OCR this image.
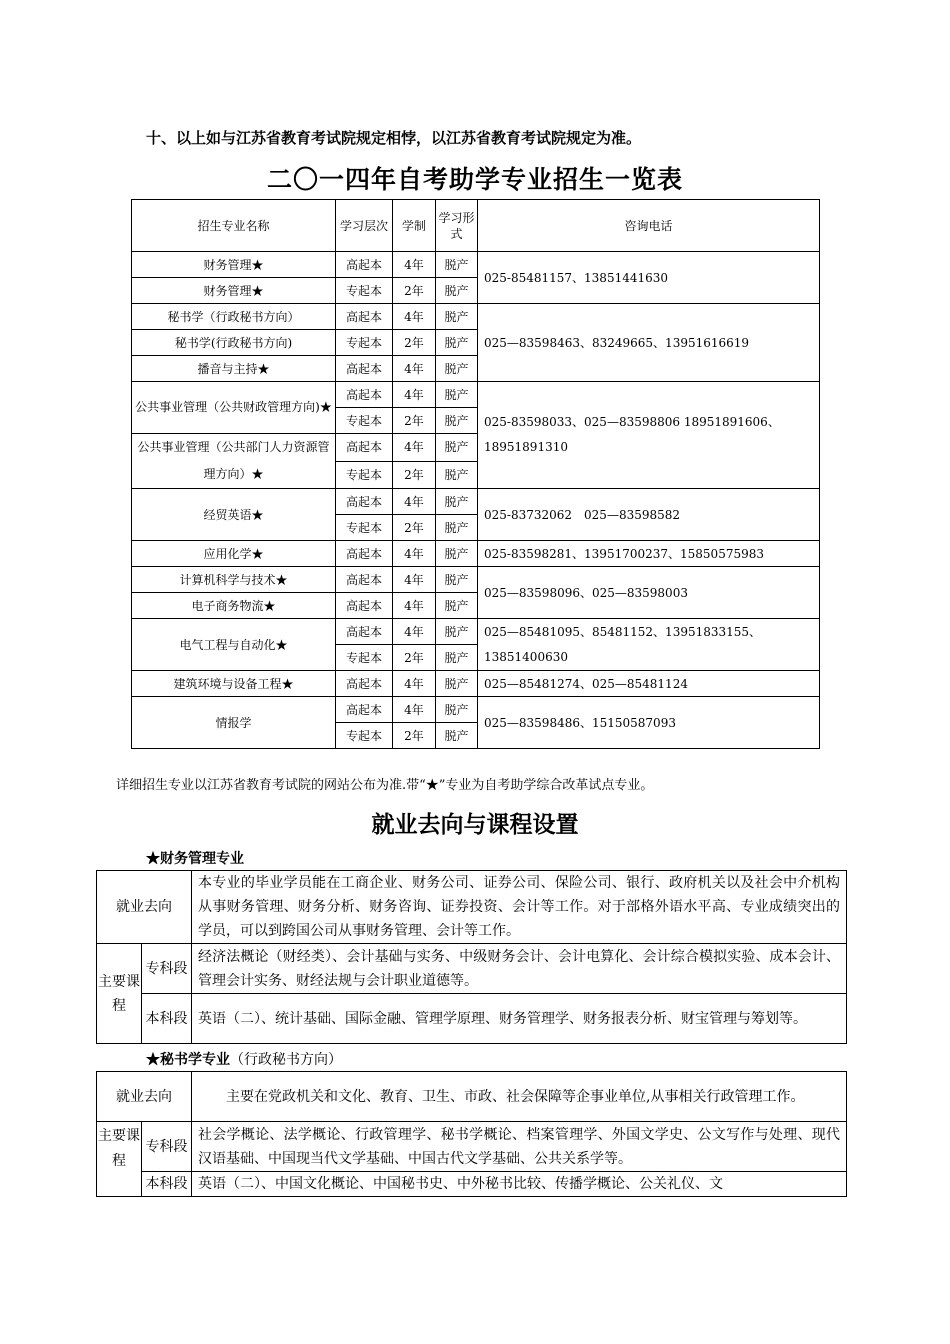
十、以上如与江苏省教育考试院规定相悖，以江苏省教育考试院规定为准。
二〇一四年自考助学专业招生一览表
招生专业名称	学习层次	学制	学习形式	咨询电话
财务管理★	高起本	4年	脱产	025-85481157、13851441630
财务管理★	专起本	2年	脱产	
秘书学（行政秘书方向）	高起本	4年	脱产	025—83598463、83249665、13951616619
秘书学(行政秘书方向)	专起本	2年	脱产	
播音与主持★	高起本	4年	脱产	
公共事业管理（公共财政管理方向)★	高起本	4年	脱产	025-83598033、025—83598806 18951891606、18951891310
	专起本	2年	脱产	
公共事业管理（公共部门人力资源管理方向）★	高起本	4年	脱产	
	专起本	2年	脱产	
经贸英语★	高起本	4年	脱产	025-83732062　025—83598582
	专起本	2年	脱产	
应用化学★	高起本	4年	脱产	025-83598281、13951700237、15850575983
计算机科学与技术★	高起本	4年	脱产	025—83598096、025—83598003
电子商务物流★	高起本	4年	脱产	
电气工程与自动化★	高起本	4年	脱产	025—85481095、85481152、13951833155、13851400630
	专起本	2年	脱产	
建筑环境与设备工程★	高起本	4年	脱产	025—85481274、025—85481124
情报学	高起本	4年	脱产	025—83598486、15150587093
	专起本	2年	脱产	
详细招生专业以江苏省教育考试院的网站公布为准.带“★”专业为自考助学综合改革试点专业。
就业去向与课程设置
★财务管理专业
就业去向		本专业的毕业学员能在工商企业、财务公司、证券公司、保险公司、银行、政府机关以及社会中介机构从事财务管理、财务分析、财务咨询、证券投资、会计等工作。对于部格外语水平高、专业成绩突出的学员，可以到跨国公司从事财务管理、会计等工作。
主要课程	专科段	经济法概论（财经类）、会计基础与实务、中级财务会计、会计电算化、会计综合模拟实验、成本会计、管理会计实务、财经法规与会计职业道德等。
	本科段	英语（二）、统计基础、国际金融、管理学原理、财务管理学、财务报表分析、财宝管理与筹划等。
★秘书学专业（行政秘书方向）
就业去向		主要在党政机关和文化、教育、卫生、市政、社会保障等企事业单位,从事相关行政管理工作。
主要课程	专科段	社会学概论、法学概论、行政管理学、秘书学概论、档案管理学、外国文学史、公文写作与处理、现代汉语基础、中国现当代文学基础、中国古代文学基础、公共关系学等。
	本科段	英语（二）、中国文化概论、中国秘书史、中外秘书比较、传播学概论、公关礼仪、文
